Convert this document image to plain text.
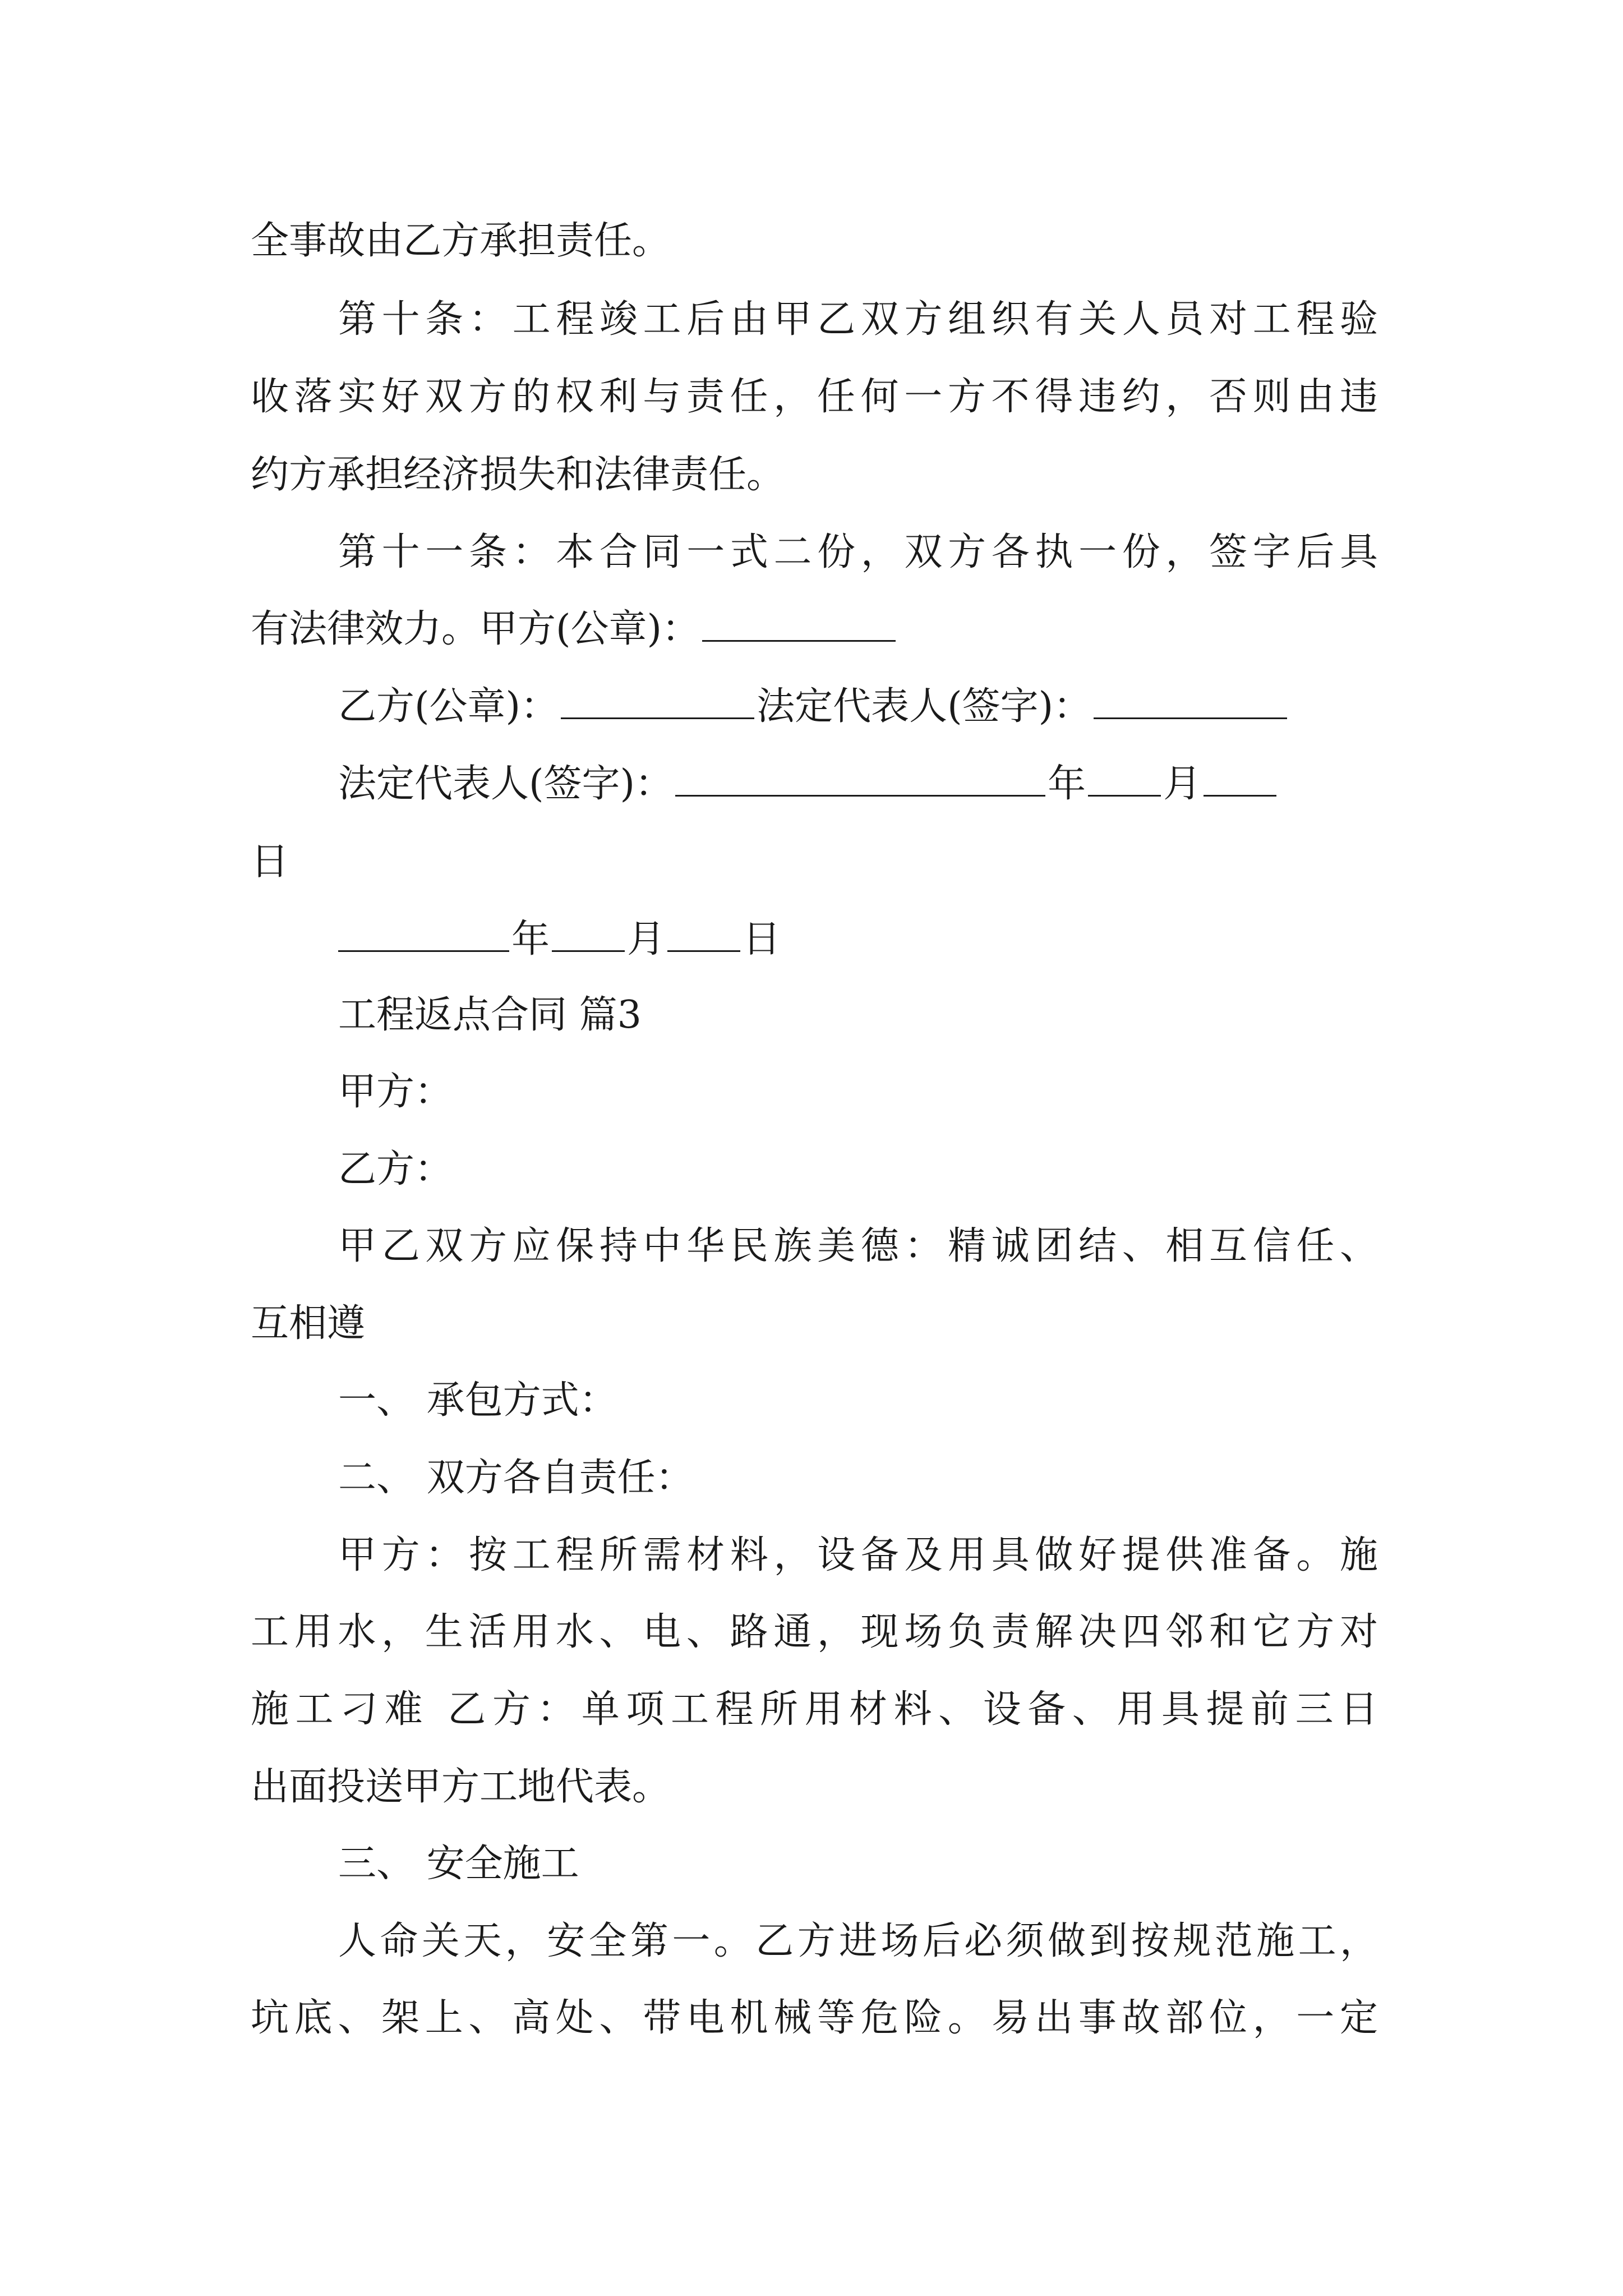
全事故由乙方承担责任。
第十条：工程竣工后由甲乙双方组织有关人员对工程验
收落实好双方的权利与责任，任何一方不得违约，否则由违
约方承担经济损失和法律责任。
第十一条：本合同一式二份，双方各执一份，签字后具
有法律效力。甲方(公章)：
乙方(公章)：	法定代表人(签字)：
法定代表人(签字)：	年 月
日
年 月 日
工程返点合同 篇3
甲方：
乙方：
甲乙双方应保持中华民族美德：精诚团结、相互信任、
互相遵
一、 承包方式：
二、 双方各自责任：
甲方：按工程所需材料，设备及用具做好提供准备。施
工用水，生活用水、电、路通，现场负责解决四邻和它方对
施工刁难 乙方：单项工程所用材料、设备、用具提前三日
出面投送甲方工地代表。
三、 安全施工
人命关天，安全第一。乙方进场后必须做到按规范施工，
坑底、架上、高处、带电机械等危险。易出事故部位，一定
